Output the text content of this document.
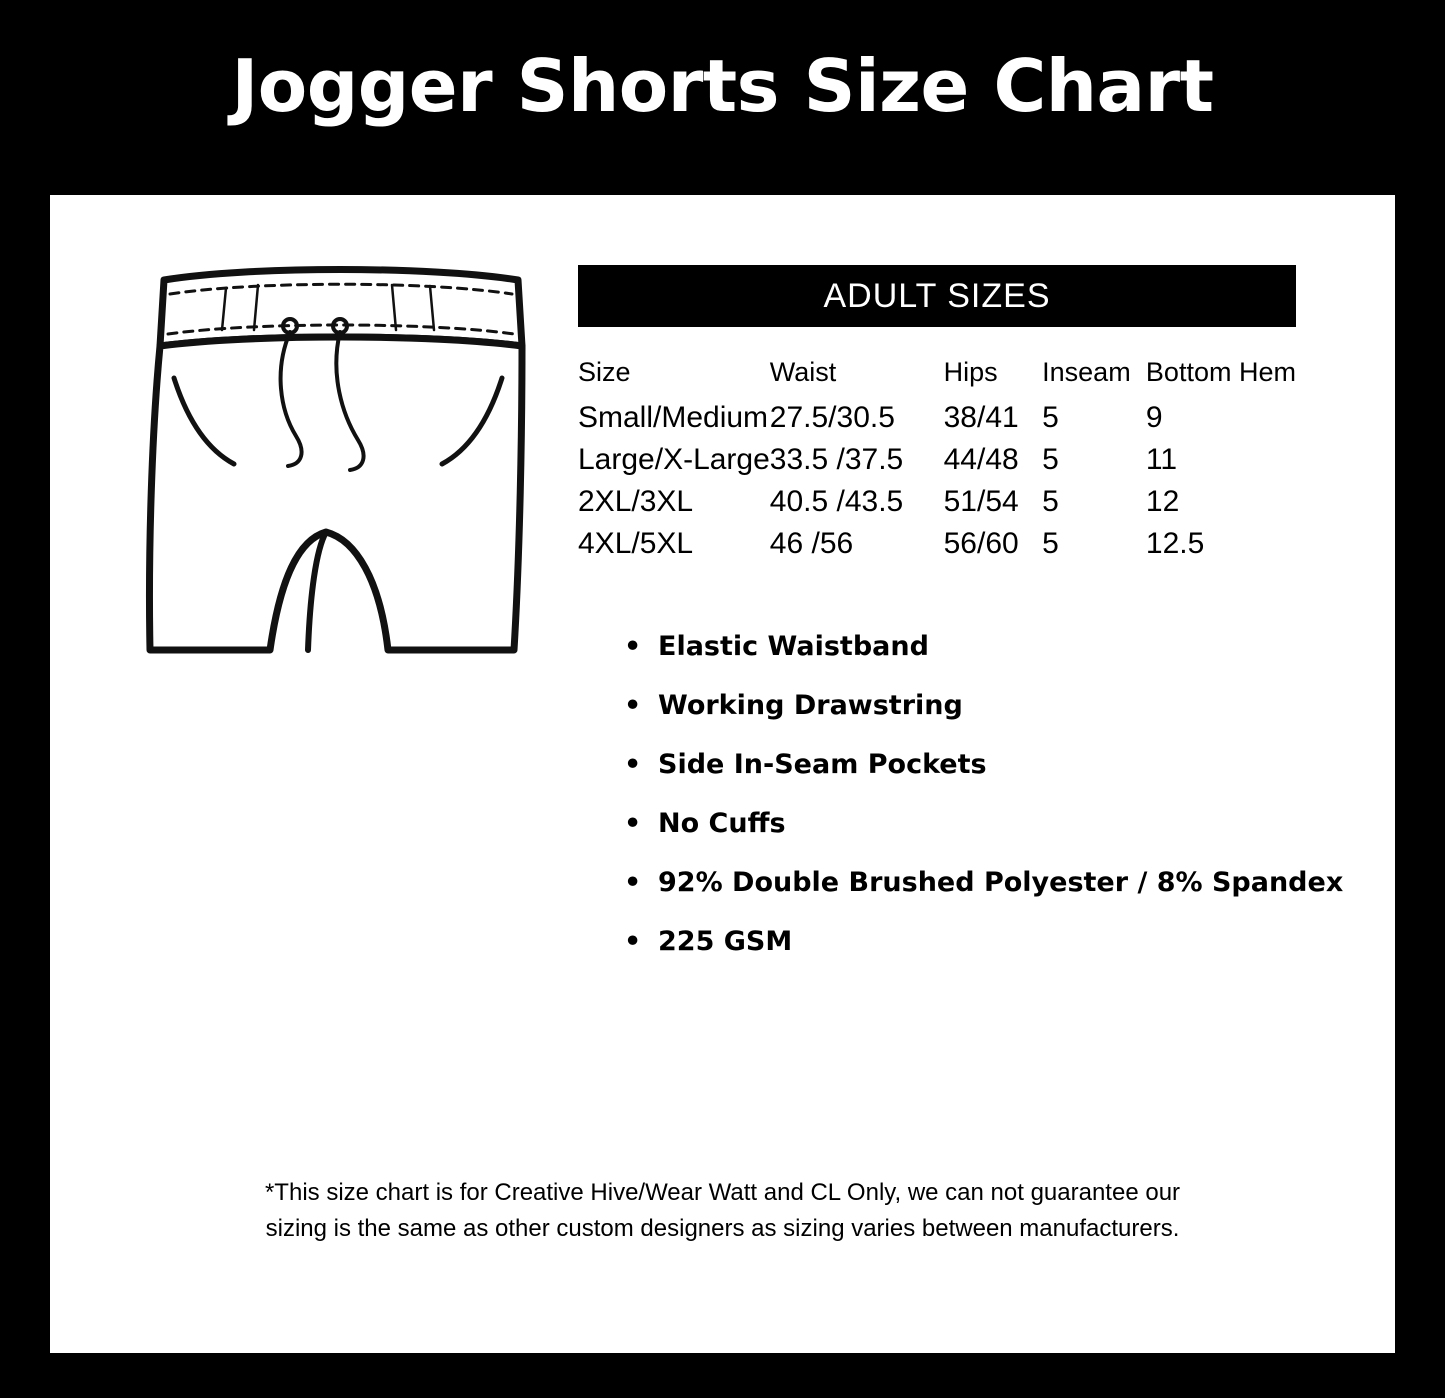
Jogger Shorts Size Chart
ADULT SIZES
Size	Waist	Hips	Inseam	Bottom Hem
Small/Medium	27.5/30.5	38/41	5	9
Large/X-Large	33.5 /37.5	44/48	5	11
2XL/3XL	40.5 /43.5	51/54	5	12
4XL/5XL	46 /56	56/60	5	12.5
• Elastic Waistband
• Working Drawstring
• Side In-Seam Pockets
• No Cuffs
• 92% Double Brushed Polyester / 8% Spandex
• 225 GSM
*This size chart is for Creative Hive/Wear Watt and CL Only, we can not guarantee our
sizing is the same as other custom designers as sizing varies between manufacturers.
